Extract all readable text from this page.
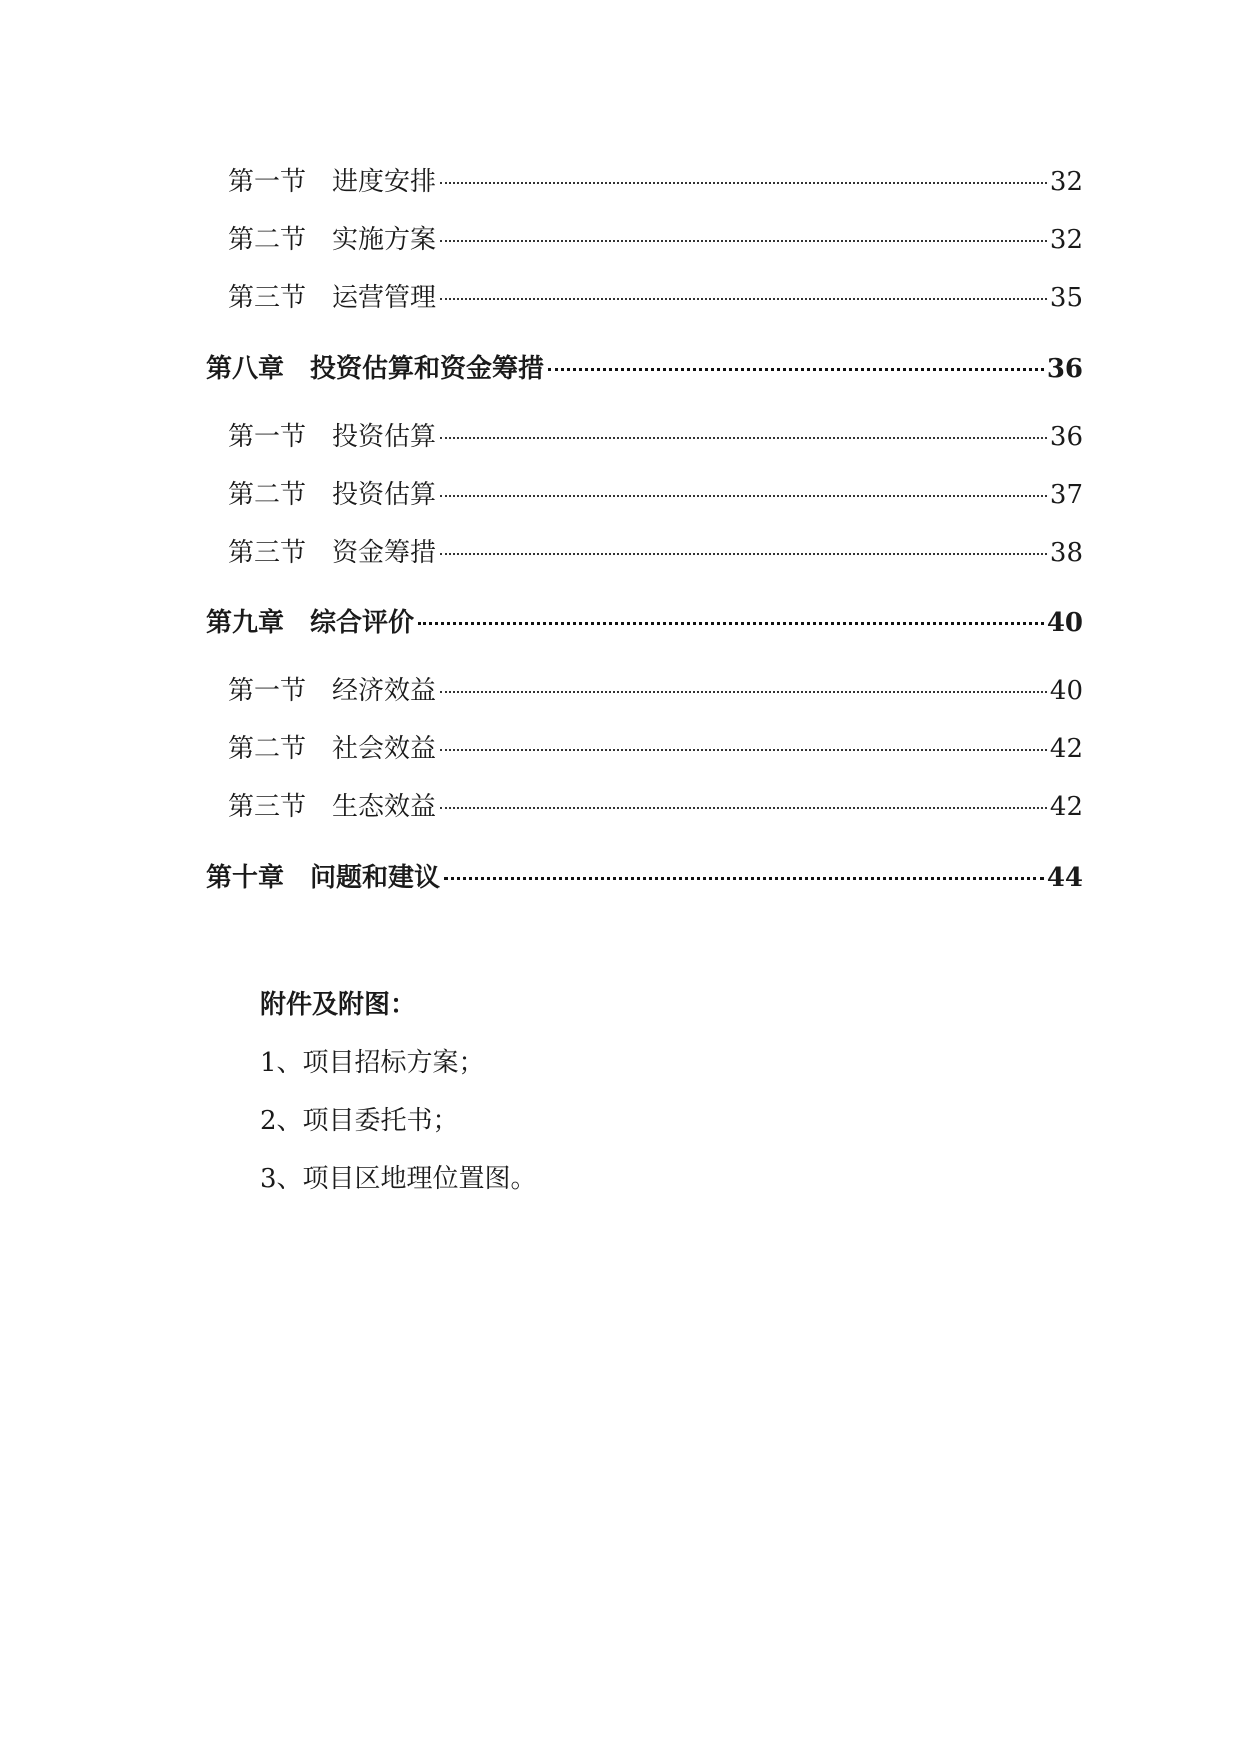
第一节 进度安排	32
第二节 实施方案	32
第三节 运营管理	35
第八章 投资估算和资金筹措	36
第一节 投资估算	36
第二节 投资估算	37
第三节 资金筹措	38
第九章 综合评价	40
第一节 经济效益	40
第二节 社会效益	42
第三节 生态效益	42
第十章 问题和建议	44
附件及附图：
1、项目招标方案；
2、项目委托书；
3、项目区地理位置图。
